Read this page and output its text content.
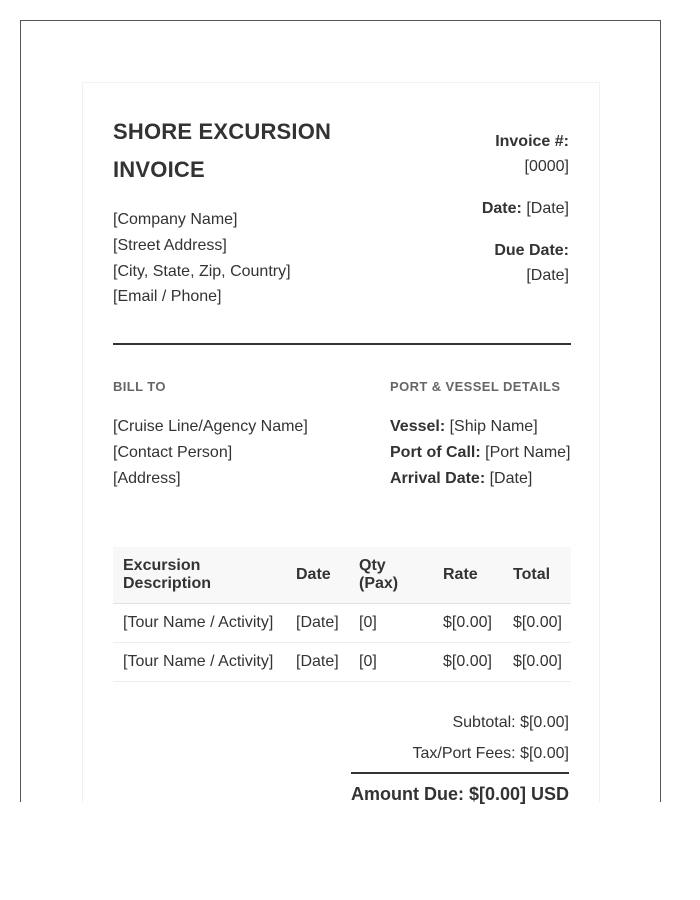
SHORE EXCURSION INVOICE
[Company Name]
[Street Address]
[City, State, Zip, Country]
[Email / Phone]

Invoice #:
[0000]

Date: [Date]

Due Date:
[Date]

BILL TO	PORT & VESSEL DETAILS
[Cruise Line/Agency Name]
[Contact Person]
[Address]
Vessel: [Ship Name]
Port of Call: [Port Name]
Arrival Date: [Date]
Excursion Description	Date	Qty (Pax)	Rate	Total
[Tour Name / Activity]	[Date]	[0]	$[0.00]	$[0.00]
[Tour Name / Activity]	[Date]	[0]	$[0.00]	$[0.00]
Subtotal: $[0.00]
Tax/Port Fees: $[0.00]
Amount Due: $[0.00] USD
